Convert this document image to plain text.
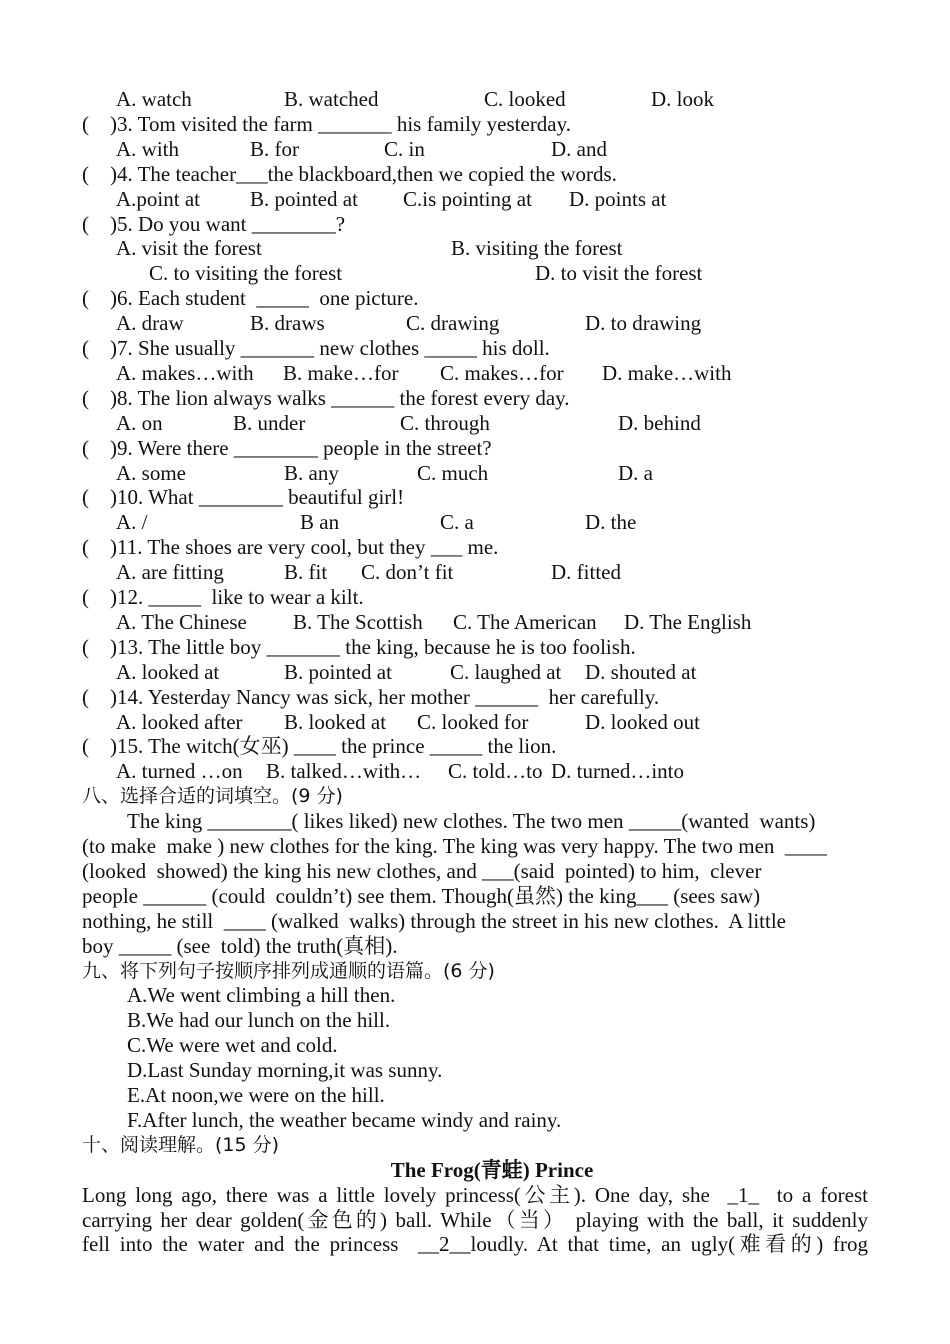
A. watch	B. watched	C. looked	D. look
(    )3. Tom visited the farm _______ his family yesterday.
A. with	B. for	C. in	D. and
(    )4. The teacher___the blackboard,then we copied the words.
A.point at B. pointed at C.is pointing at D. points at
(    )5. Do you want ________?
A. visit the forest	B. visiting the forest
C. to visiting the forest	D. to visit the forest
(    )6. Each student  _____  one picture.
A. draw	B. draws	C. drawing	D. to drawing
(    )7. She usually _______ new clothes _____ his doll.
A. makes…with B. make…for C. makes…for D. make…with
(    )8. The lion always walks ______ the forest every day.
A. on	B. under	C. through	D. behind
(    )9. Were there ________ people in the street?
A. some	B. any	C. much	D. a
(    )10. What ________ beautiful girl!
A. /	B an	C. a	D. the
(    )11. The shoes are very cool, but they ___ me.
A. are fitting	B. fit C. don’t fit	D. fitted
(    )12. _____  like to wear a kilt.
A. The Chinese B. The Scottish C. The American D. The English
(    )13. The little boy _______ the king, because he is too foolish.
A. looked at	B. pointed at	C. laughed at D. shouted at
(    )14. Yesterday Nancy was sick, her mother ______  her carefully.
A. looked after B. looked at C. looked for	D. looked out
(    )15. The witch(女巫) ____ the prince _____ the lion.
A. turned …on B. talked…with… C. told…to D. turned…into
八、选择合适的词填空。(9 分)
The king ________( likes liked) new clothes. The two men _____(wanted  wants)
(to make  make ) new clothes for the king. The king was very happy. The two men  ____
(looked  showed) the king his new clothes, and ___(said  pointed) to him,  clever
people ______ (could  couldn’t) see them. Though(虽然) the king___ (sees saw)
nothing, he still  ____ (walked  walks) through the street in his new clothes.  A little
boy _____ (see  told) the truth(真相).
九、将下列句子按顺序排列成通顺的语篇。(6 分)
A.We went climbing a hill then.
B.We had our lunch on the hill.
C.We were wet and cold.
D.Last Sunday morning,it was sunny.
E.At noon,we were on the hill.
F.After lunch, the weather became windy and rainy.
十、阅读理解。(15 分)
The Frog(青蛙) Prince
Long long ago, there was a little lovely princess(公主). One day, she  _1_  to a forest
carrying her dear golden(金色的) ball. While（当） playing with the ball, it suddenly
fell into the water and the princess  __2__loudly. At that time, an ugly(难看的) frog
